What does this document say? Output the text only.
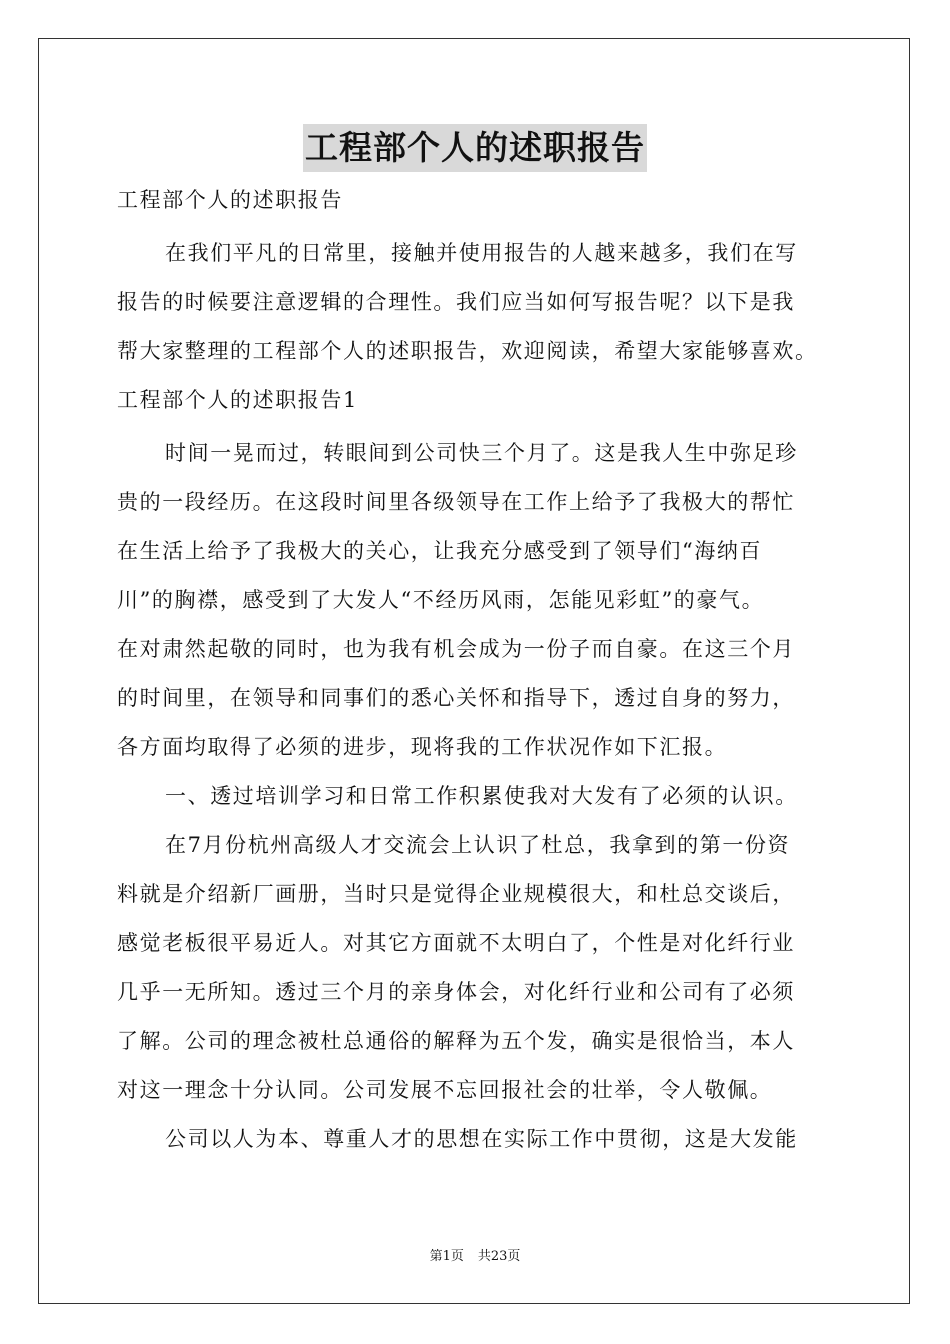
工程部个人的述职报告
工程部个人的述职报告
在我们平凡的日常里，接触并使用报告的人越来越多，我们在写
报告的时候要注意逻辑的合理性。我们应当如何写报告呢？以下是我
帮大家整理的工程部个人的述职报告，欢迎阅读，希望大家能够喜欢。
工程部个人的述职报告1
时间一晃而过，转眼间到公司快三个月了。这是我人生中弥足珍
贵的一段经历。在这段时间里各级领导在工作上给予了我极大的帮忙
在生活上给予了我极大的关心，让我充分感受到了领导们“海纳百
川”的胸襟，感受到了大发人“不经历风雨，怎能见彩虹”的豪气。
在对肃然起敬的同时，也为我有机会成为一份子而自豪。在这三个月
的时间里，在领导和同事们的悉心关怀和指导下，透过自身的努力，
各方面均取得了必须的进步，现将我的工作状况作如下汇报。
一、透过培训学习和日常工作积累使我对大发有了必须的认识。
在7月份杭州高级人才交流会上认识了杜总，我拿到的第一份资
料就是介绍新厂画册，当时只是觉得企业规模很大，和杜总交谈后，
感觉老板很平易近人。对其它方面就不太明白了，个性是对化纤行业
几乎一无所知。透过三个月的亲身体会，对化纤行业和公司有了必须
了解。公司的理念被杜总通俗的解释为五个发，确实是很恰当，本人
对这一理念十分认同。公司发展不忘回报社会的壮举，令人敬佩。
公司以人为本、尊重人才的思想在实际工作中贯彻，这是大发能
第1页 共23页
